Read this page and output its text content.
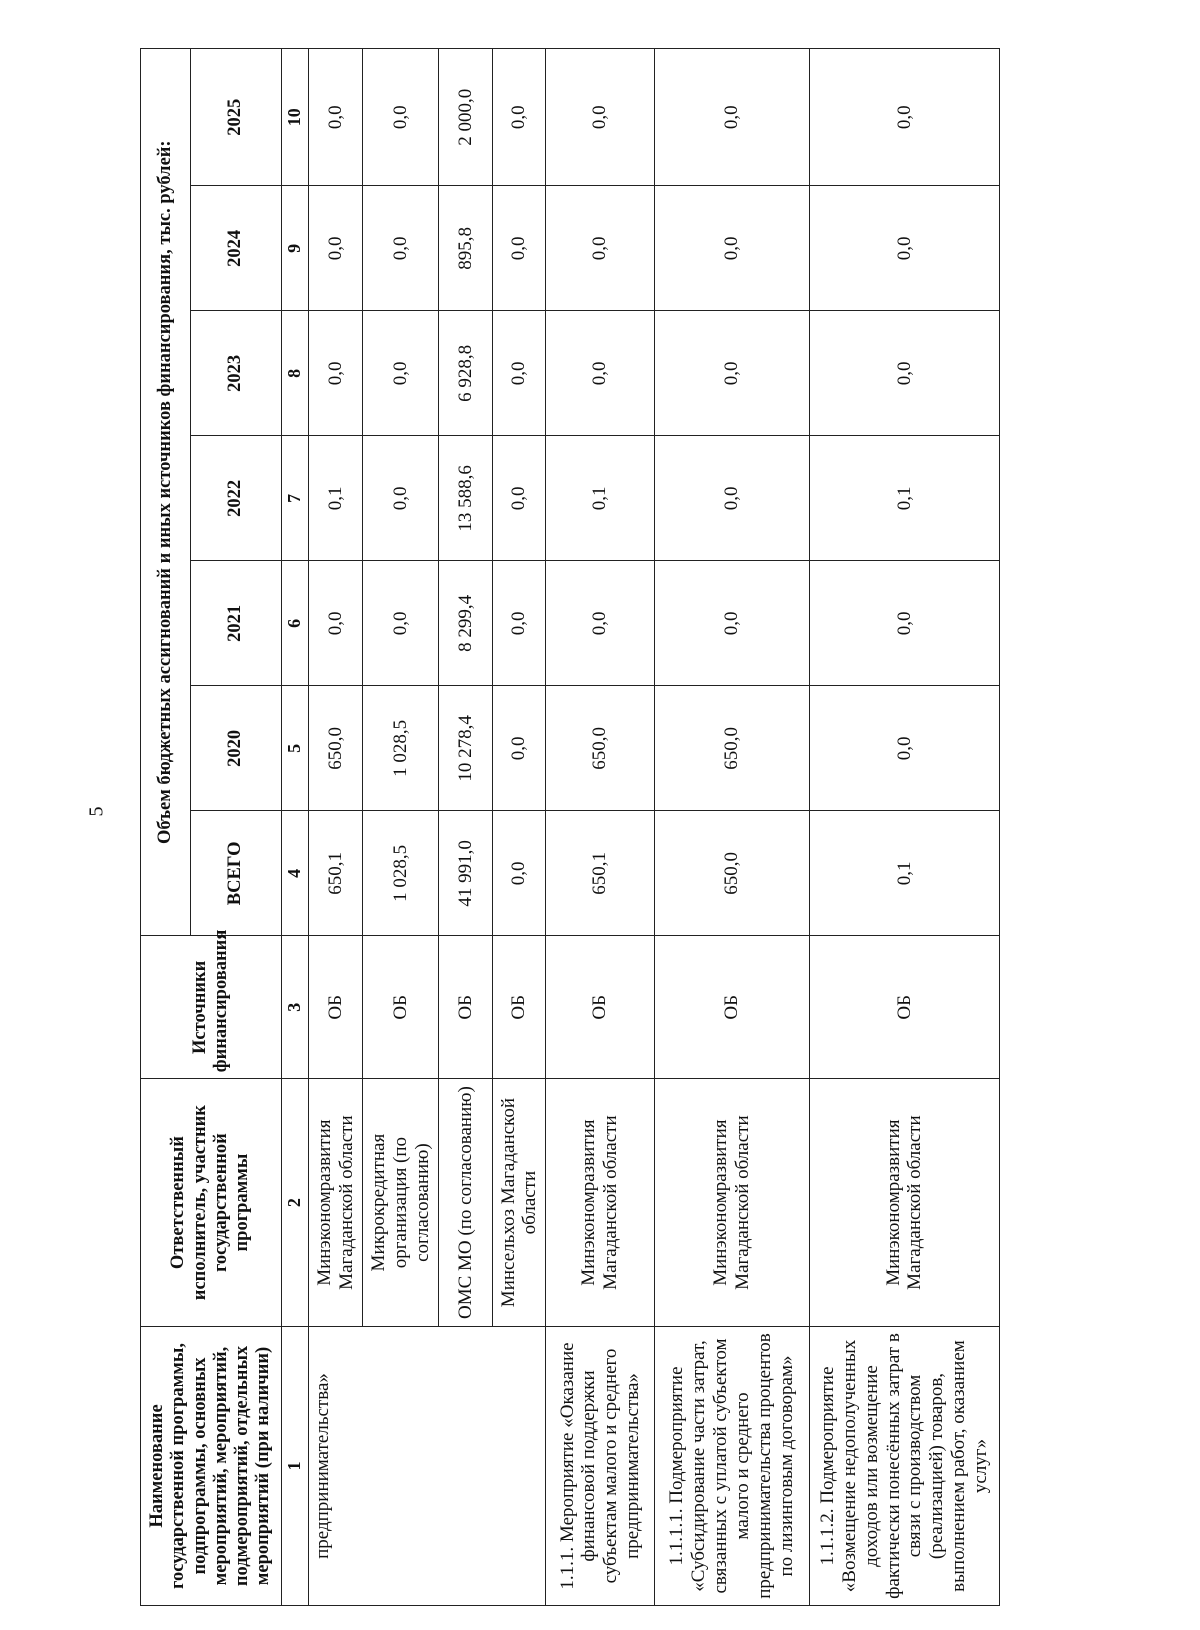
5
Наименование государственной программы, подпрограммы, основных мероприятий, мероприятий, подмероприятий, отдельных мероприятий (при наличии)	Ответственный исполнитель, участник государственной программы	Источники финансирования	Объем бюджетных ассигнований и иных источников финансирования, тыс. рублей:						
			ВСЕГО	2020	2021	2022	2023	2024	2025
1	2	3	4	5	6	7	8	9	10
предпринимательства»	Минэкономразвития Магаданской области	ОБ	650,1	650,0	0,0	0,1	0,0	0,0	0,0
	Микрокредитная организация (по согласованию)	ОБ	1 028,5	1 028,5	0,0	0,0	0,0	0,0	0,0
	ОМС МО (по согласованию)	ОБ	41 991,0	10 278,4	8 299,4	13 588,6	6 928,8	895,8	2 000,0
	Минсельхоз Магаданской области	ОБ	0,0	0,0	0,0	0,0	0,0	0,0	0,0
1.1.1. Мероприятие «Оказание финансовой поддержки субъектам малого и среднего предпринимательства»	Минэкономразвития Магаданской области	ОБ	650,1	650,0	0,0	0,1	0,0	0,0	0,0
1.1.1.1. Подмероприятие «Субсидирование части затрат, связанных с уплатой субъектом малого и среднего предпринимательства процентов по лизинговым договорам»	Минэкономразвития Магаданской области	ОБ	650,0	650,0	0,0	0,0	0,0	0,0	0,0
1.1.1.2. Подмероприятие «Возмещение недополученных доходов или возмещение фактически понесённых затрат в связи с производством (реализацией) товаров, выполнением работ, оказанием услуг»	Минэкономразвития Магаданской области	ОБ	0,1	0,0	0,0	0,1	0,0	0,0	0,0
